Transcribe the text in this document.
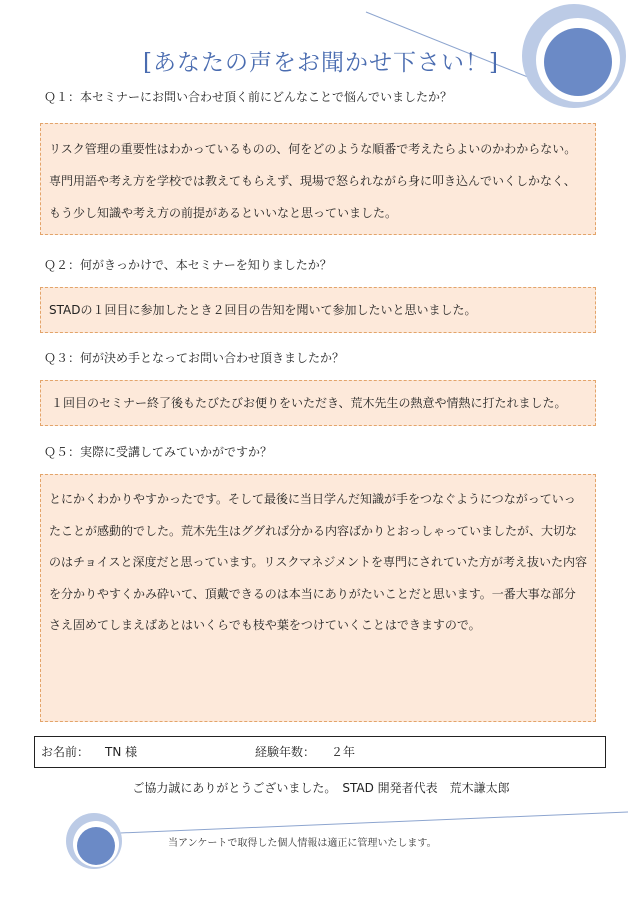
[あなたの声をお聞かせ下さい！]
Ｑ１：本セミナーにお問い合わせ頂く前にどんなことで悩んでいましたか？

リスク管理の重要性はわかっているものの、何をどのような順番で考えたらよいのかわからない。専門用語や考え方を学校では教えてもらえず、現場で怒られながら身に叩き込んでいくしかなく、もう少し知識や考え方の前提があるといいなと思っていました。

Ｑ２：何がきっかけで、本セミナーを知りましたか？

STADの１回目に参加したとき２回目の告知を聞いて参加したいと思いました。

Ｑ３：何が決め手となってお問い合わせ頂きましたか？

１回目のセミナー終了後もたびたびお便りをいただき、荒木先生の熱意や情熱に打たれました。

Ｑ５：実際に受講してみていかがですか？

とにかくわかりやすかったです。そして最後に当日学んだ知識が手をつなぐようにつながっていったことが感動的でした。荒木先生はググれば分かる内容ばかりとおっしゃっていましたが、大切なのはチョイスと深度だと思っています。リスクマネジメントを専門にされていた方が考え抜いた内容を分かりやすくかみ砕いて、頂戴できるのは本当にありがたいことだと思います。一番大事な部分さえ固めてしまえばあとはいくらでも枝や葉をつけていくことはできますので。

お名前： TN 様	経験年数： ２年
ご協力誠にありがとうございました。　STAD 開発者代表　荒木謙太郎
当アンケートで取得した個人情報は適正に管理いたします。
